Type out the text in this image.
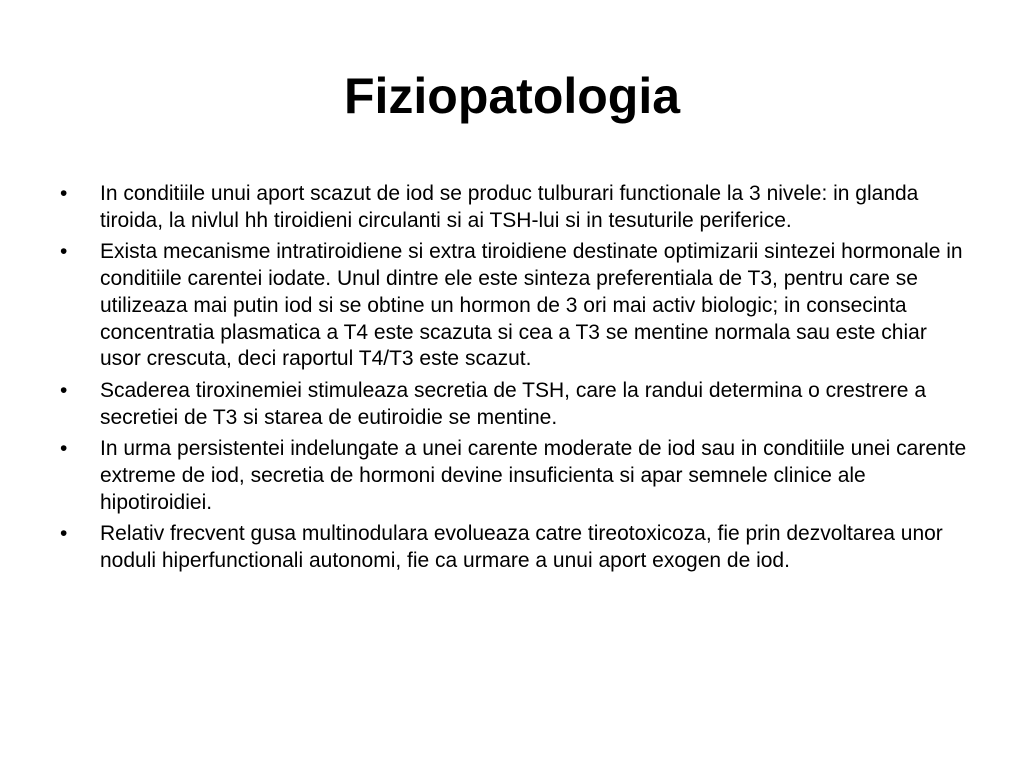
Fiziopatologia
•	In conditiile unui aport scazut de iod se produc tulburari functionale la 3 nivele: in glanda tiroida, la nivlul hh tiroidieni circulanti si ai TSH-lui si in tesuturile periferice.
•	Exista mecanisme intratiroidiene si extra tiroidiene destinate optimizarii sintezei hormonale in conditiile carentei iodate. Unul dintre ele este sinteza preferentiala de T3, pentru care se utilizeaza mai putin iod si se obtine un hormon de 3 ori mai activ biologic; in consecinta concentratia plasmatica a T4 este scazuta si cea a T3 se mentine normala sau este chiar usor crescuta, deci raportul T4/T3 este scazut.
•	Scaderea tiroxinemiei stimuleaza secretia de TSH, care la randui determina o crestrere a secretiei de T3 si starea de eutiroidie se mentine.
•	In urma persistentei indelungate a unei carente moderate de iod sau in conditiile unei carente extreme de iod, secretia de hormoni devine insuficienta si apar semnele clinice ale hipotiroidiei.
•	Relativ frecvent gusa multinodulara evolueaza catre tireotoxicoza, fie prin dezvoltarea unor noduli hiperfunctionali autonomi, fie ca urmare a unui aport exogen de iod.
